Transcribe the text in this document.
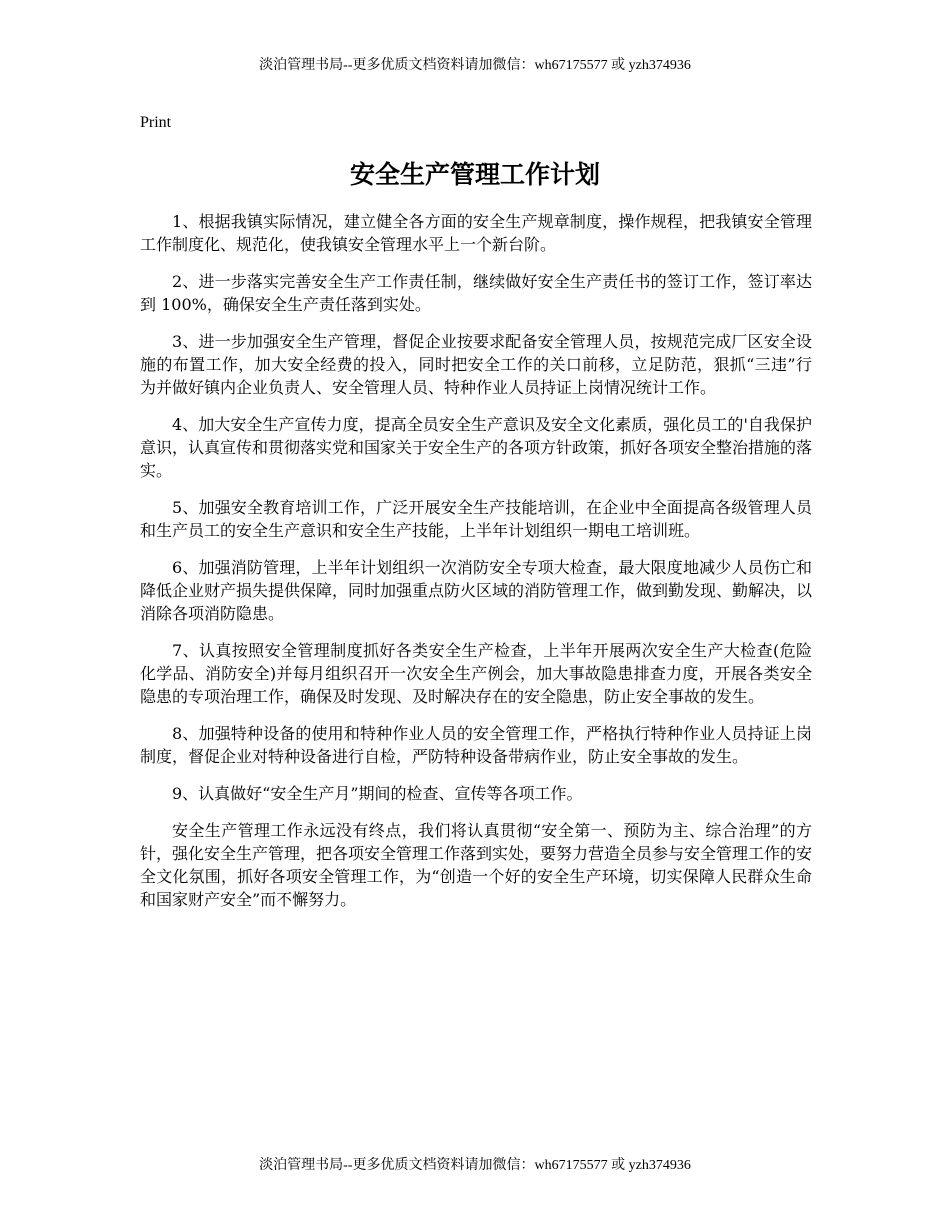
淡泊管理书局--更多优质文档资料请加微信：wh67175577 或 yzh374936
Print
安全生产管理工作计划

1、根据我镇实际情况，建立健全各方面的安全生产规章制度，操作规程，把我镇安全管理工作制度化、规范化，使我镇安全管理水平上一个新台阶。

2、进一步落实完善安全生产工作责任制，继续做好安全生产责任书的签订工作，签订率达到 100%，确保安全生产责任落到实处。

3、进一步加强安全生产管理，督促企业按要求配备安全管理人员，按规范完成厂区安全设施的布置工作，加大安全经费的投入，同时把安全工作的关口前移，立足防范，狠抓“三违”行为并做好镇内企业负责人、安全管理人员、特种作业人员持证上岗情况统计工作。

4、加大安全生产宣传力度，提高全员安全生产意识及安全文化素质，强化员工的'自我保护意识，认真宣传和贯彻落实党和国家关于安全生产的各项方针政策，抓好各项安全整治措施的落实。

5、加强安全教育培训工作，广泛开展安全生产技能培训，在企业中全面提高各级管理人员和生产员工的安全生产意识和安全生产技能，上半年计划组织一期电工培训班。

6、加强消防管理，上半年计划组织一次消防安全专项大检查，最大限度地减少人员伤亡和降低企业财产损失提供保障，同时加强重点防火区域的消防管理工作，做到勤发现、勤解决，以消除各项消防隐患。

7、认真按照安全管理制度抓好各类安全生产检查，上半年开展两次安全生产大检查(危险化学品、消防安全)并每月组织召开一次安全生产例会，加大事故隐患排查力度，开展各类安全隐患的专项治理工作，确保及时发现、及时解决存在的安全隐患，防止安全事故的发生。

8、加强特种设备的使用和特种作业人员的安全管理工作，严格执行特种作业人员持证上岗制度，督促企业对特种设备进行自检，严防特种设备带病作业，防止安全事故的发生。

9、认真做好“安全生产月”期间的检查、宣传等各项工作。

安全生产管理工作永远没有终点，我们将认真贯彻“安全第一、预防为主、综合治理”的方针，强化安全生产管理，把各项安全管理工作落到实处，要努力营造全员参与安全管理工作的安全文化氛围，抓好各项安全管理工作，为“创造一个好的安全生产环境，切实保障人民群众生命和国家财产安全”而不懈努力。

淡泊管理书局--更多优质文档资料请加微信：wh67175577 或 yzh374936
